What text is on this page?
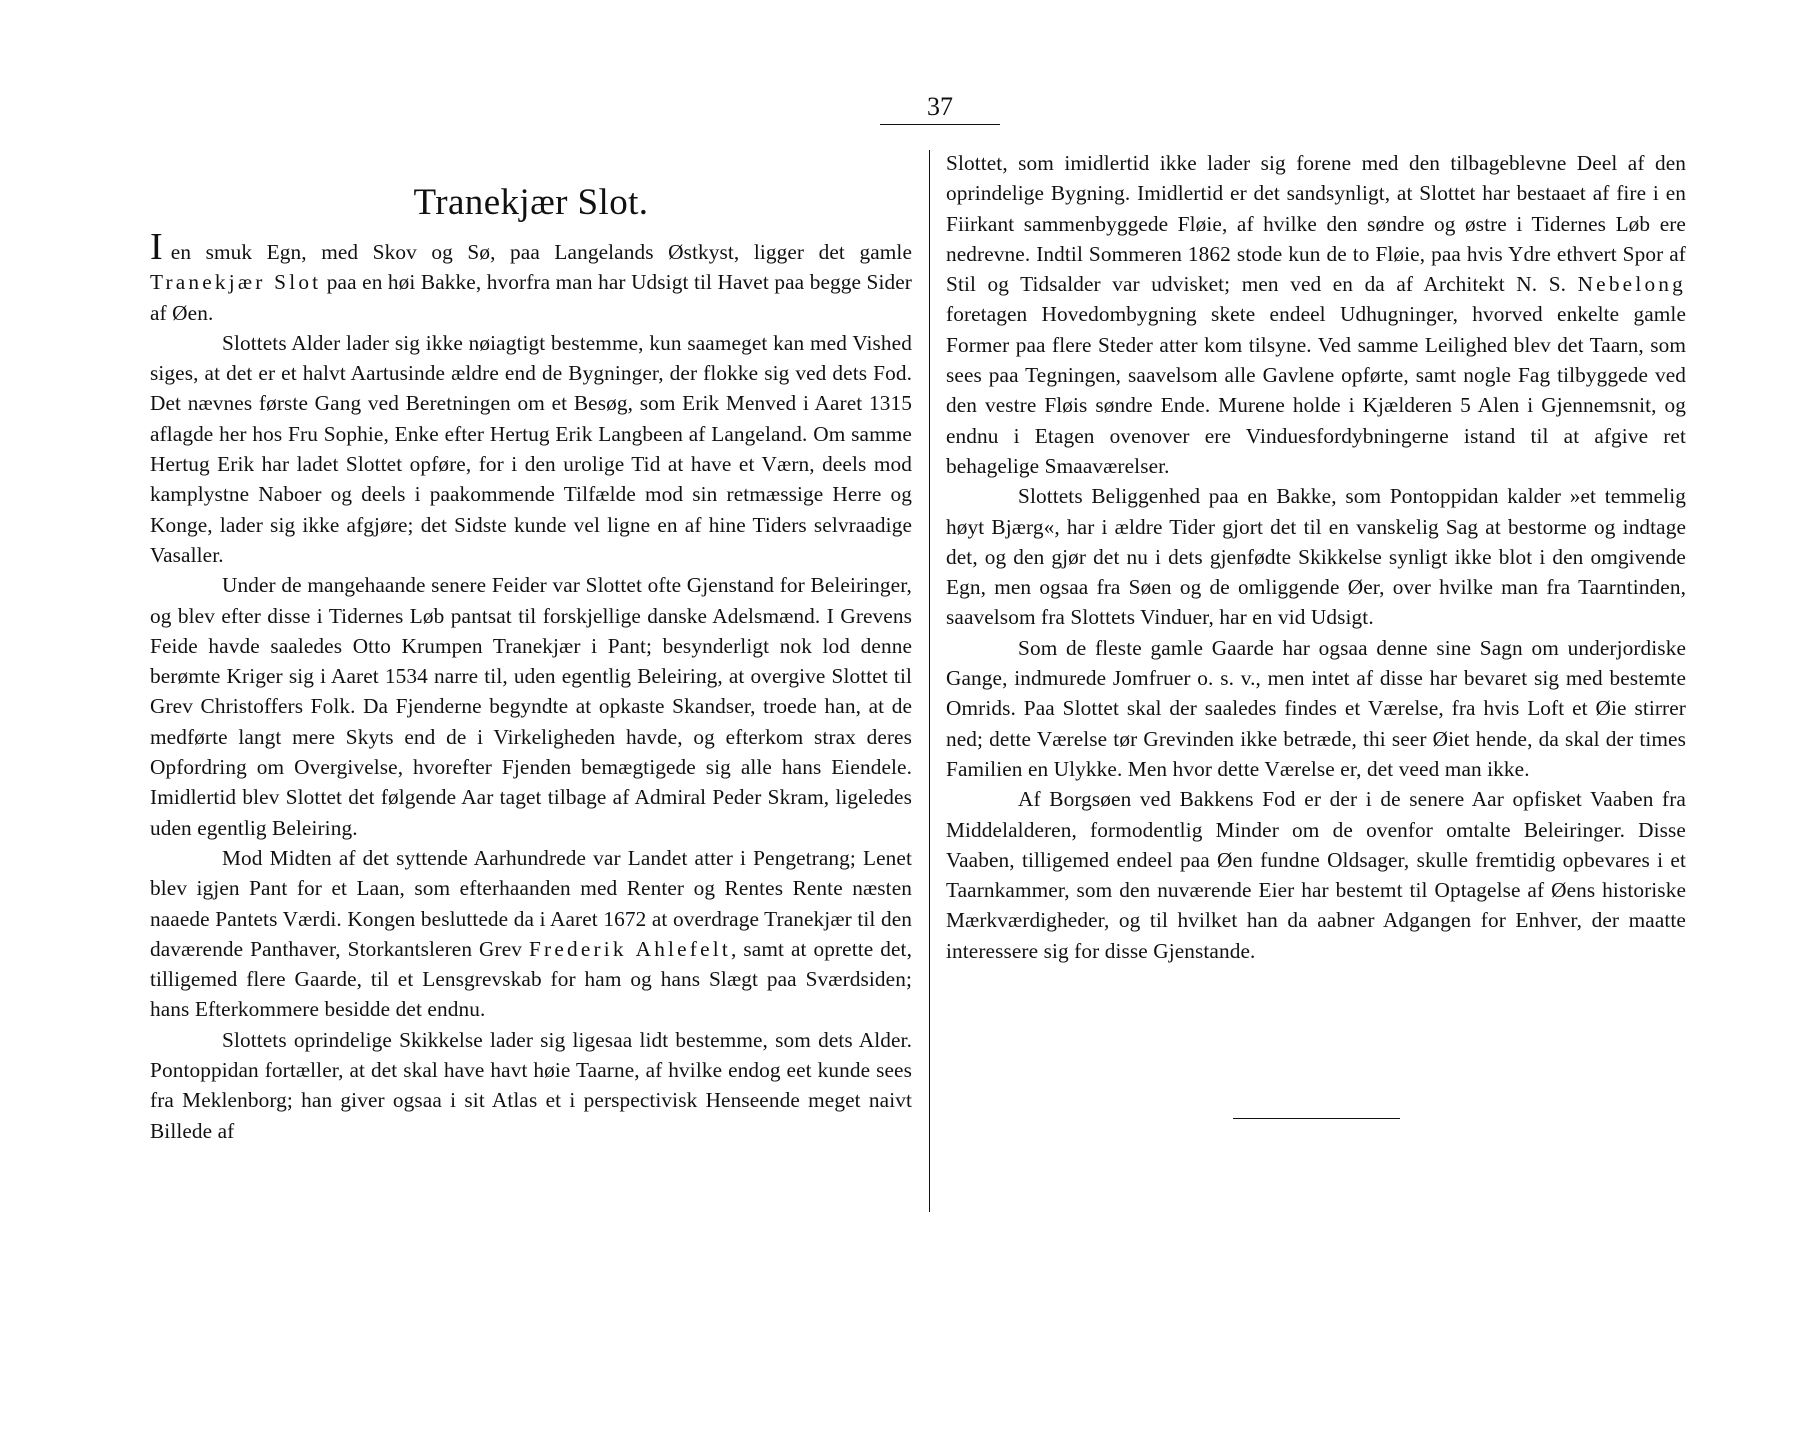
37
Tranekjær Slot.

Ien smuk Egn, med Skov og Sø, paa Langelands Østkyst, ligger det gamle Tranekjær Slot paa en høi Bakke, hvorfra man har Udsigt til Havet paa begge Sider af Øen.

Slottets Alder lader sig ikke nøiagtigt bestemme, kun saameget kan med Vished siges, at det er et halvt Aartusinde ældre end de Bygninger, der flokke sig ved dets Fod. Det nævnes første Gang ved Beretningen om et Besøg, som Erik Menved i Aaret 1315 aflagde her hos Fru Sophie, Enke efter Hertug Erik Langbeen af Langeland. Om samme Hertug Erik har ladet Slottet opføre, for i den urolige Tid at have et Værn, deels mod kamplystne Naboer og deels i paakommende Tilfælde mod sin retmæssige Herre og Konge, lader sig ikke afgjøre; det Sidste kunde vel ligne en af hine Tiders selvraadige Vasaller.

Under de mangehaande senere Feider var Slottet ofte Gjenstand for Beleiringer, og blev efter disse i Tidernes Løb pantsat til forskjellige danske Adelsmænd. I Grevens Feide havde saaledes Otto Krumpen Tranekjær i Pant; besynderligt nok lod denne berømte Kriger sig i Aaret 1534 narre til, uden egentlig Beleiring, at overgive Slottet til Grev Christoffers Folk. Da Fjenderne begyndte at opkaste Skandser, troede han, at de medførte langt mere Skyts end de i Virkeligheden havde, og efterkom strax deres Opfordring om Overgivelse, hvorefter Fjenden bemægtigede sig alle hans Eiendele. Imidlertid blev Slottet det følgende Aar taget tilbage af Admiral Peder Skram, ligeledes uden egentlig Beleiring.

Mod Midten af det syttende Aarhundrede var Landet atter i Pengetrang; Lenet blev igjen Pant for et Laan, som efterhaanden med Renter og Rentes Rente næsten naaede Pantets Værdi. Kongen besluttede da i Aaret 1672 at overdrage Tranekjær til den daværende Panthaver, Storkantsleren Grev Frederik Ahlefelt, samt at oprette det, tilligemed flere Gaarde, til et Lensgrevskab for ham og hans Slægt paa Sværdsiden; hans Efterkommere besidde det endnu.

Slottets oprindelige Skikkelse lader sig ligesaa lidt bestemme, som dets Alder. Pontoppidan fortæller, at det skal have havt høie Taarne, af hvilke endog eet kunde sees fra Meklenborg; han giver ogsaa i sit Atlas et i perspectivisk Henseende meget naivt Billede af

Slottet, som imidlertid ikke lader sig forene med den tilbageblevne Deel af den oprindelige Bygning. Imidlertid er det sandsynligt, at Slottet har bestaaet af fire i en Fiirkant sammenbyggede Fløie, af hvilke den søndre og østre i Tidernes Løb ere nedrevne. Indtil Sommeren 1862 stode kun de to Fløie, paa hvis Ydre ethvert Spor af Stil og Tidsalder var udvisket; men ved en da af Architekt N. S. Nebelong foretagen Hovedombygning skete endeel Udhugninger, hvorved enkelte gamle Former paa flere Steder atter kom tilsyne. Ved samme Leilighed blev det Taarn, som sees paa Tegningen, saavelsom alle Gavlene opførte, samt nogle Fag tilbyggede ved den vestre Fløis søndre Ende. Murene holde i Kjælderen 5 Alen i Gjennemsnit, og endnu i Etagen ovenover ere Vinduesfordybningerne istand til at afgive ret behagelige Smaaværelser.

Slottets Beliggenhed paa en Bakke, som Pontoppidan kalder »et temmelig høyt Bjærg«, har i ældre Tider gjort det til en vanskelig Sag at bestorme og indtage det, og den gjør det nu i dets gjenfødte Skikkelse synligt ikke blot i den omgivende Egn, men ogsaa fra Søen og de omliggende Øer, over hvilke man fra Taarntinden, saavelsom fra Slottets Vinduer, har en vid Udsigt.

Som de fleste gamle Gaarde har ogsaa denne sine Sagn om underjordiske Gange, indmurede Jomfruer o. s. v., men intet af disse har bevaret sig med bestemte Omrids. Paa Slottet skal der saaledes findes et Værelse, fra hvis Loft et Øie stirrer ned; dette Værelse tør Grevinden ikke betræde, thi seer Øiet hende, da skal der times Familien en Ulykke. Men hvor dette Værelse er, det veed man ikke.

Af Borgsøen ved Bakkens Fod er der i de senere Aar opfisket Vaaben fra Middelalderen, formodentlig Minder om de ovenfor omtalte Beleiringer. Disse Vaaben, tilligemed endeel paa Øen fundne Oldsager, skulle fremtidig opbevares i et Taarnkammer, som den nuværende Eier har bestemt til Optagelse af Øens historiske Mærkværdigheder, og til hvilket han da aabner Adgangen for Enhver, der maatte interessere sig for disse Gjenstande.
